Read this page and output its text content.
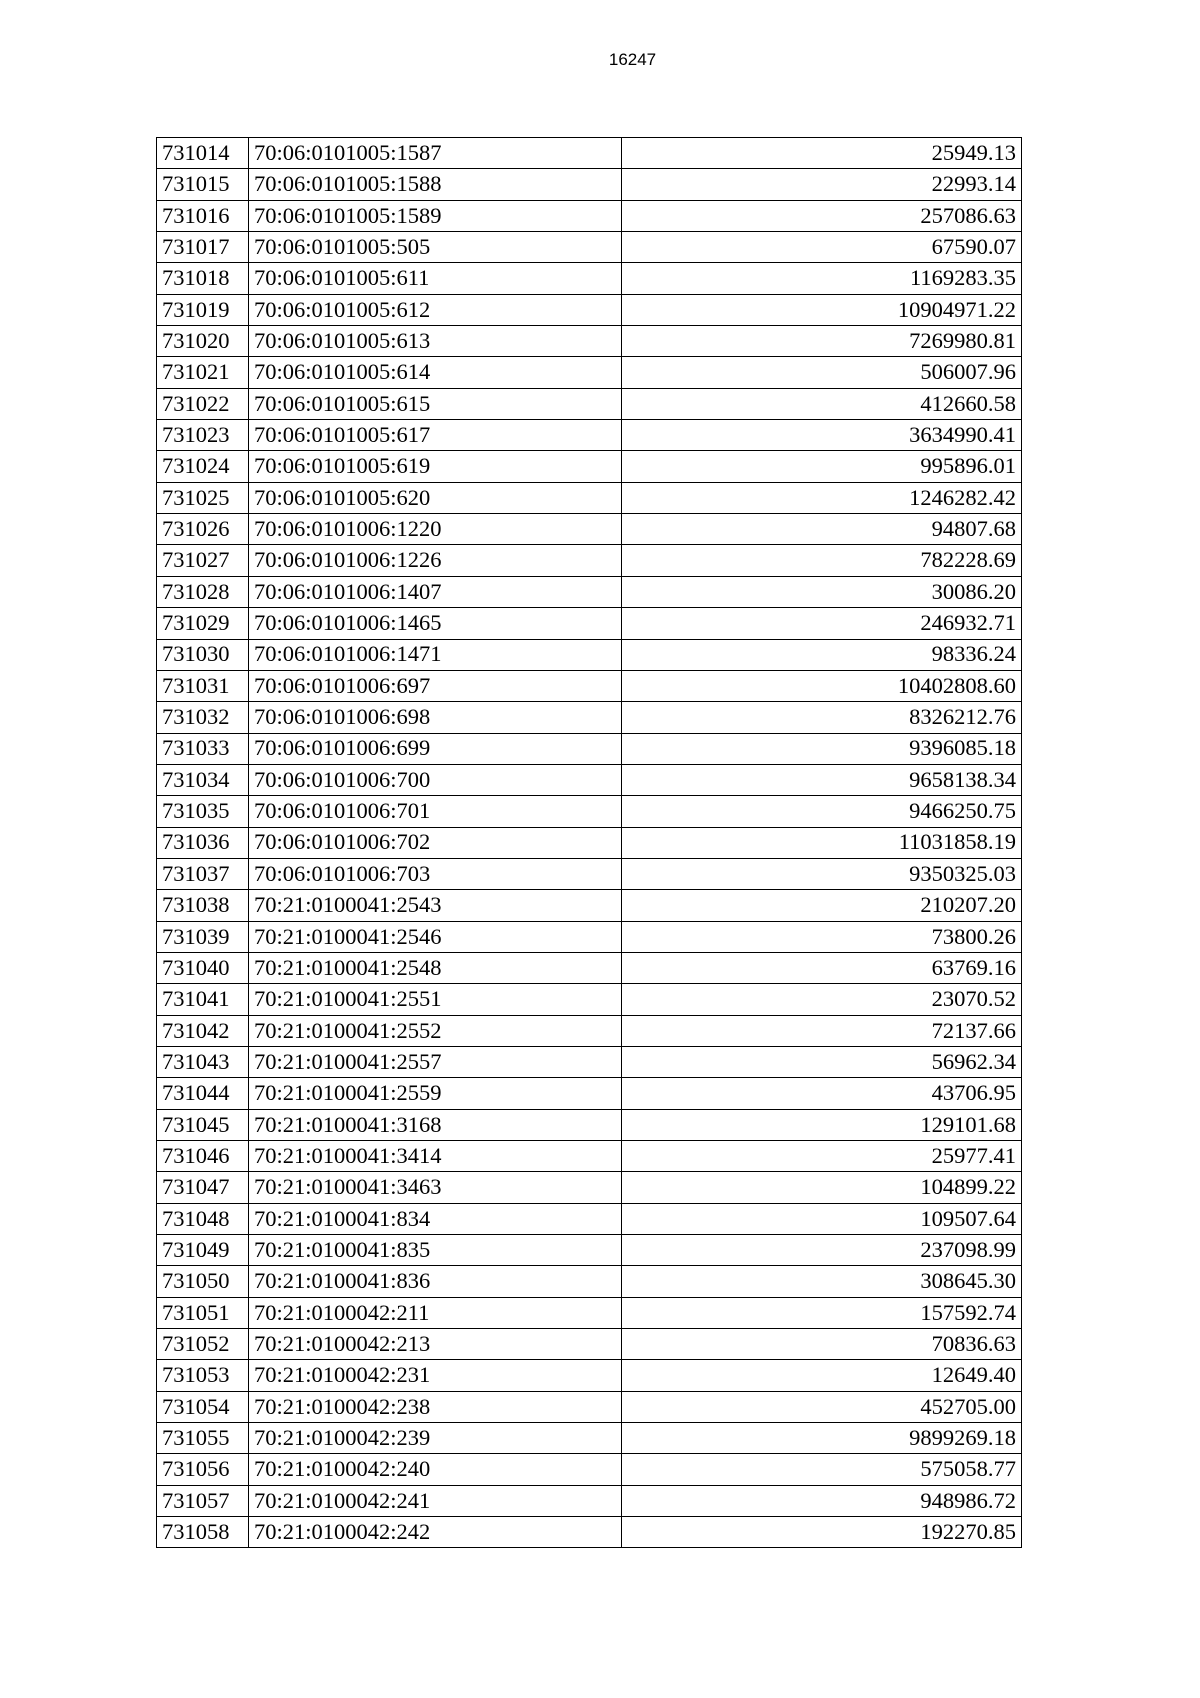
16247
731014	70:06:0101005:1587	25949.13
731015	70:06:0101005:1588	22993.14
731016	70:06:0101005:1589	257086.63
731017	70:06:0101005:505	67590.07
731018	70:06:0101005:611	1169283.35
731019	70:06:0101005:612	10904971.22
731020	70:06:0101005:613	7269980.81
731021	70:06:0101005:614	506007.96
731022	70:06:0101005:615	412660.58
731023	70:06:0101005:617	3634990.41
731024	70:06:0101005:619	995896.01
731025	70:06:0101005:620	1246282.42
731026	70:06:0101006:1220	94807.68
731027	70:06:0101006:1226	782228.69
731028	70:06:0101006:1407	30086.20
731029	70:06:0101006:1465	246932.71
731030	70:06:0101006:1471	98336.24
731031	70:06:0101006:697	10402808.60
731032	70:06:0101006:698	8326212.76
731033	70:06:0101006:699	9396085.18
731034	70:06:0101006:700	9658138.34
731035	70:06:0101006:701	9466250.75
731036	70:06:0101006:702	11031858.19
731037	70:06:0101006:703	9350325.03
731038	70:21:0100041:2543	210207.20
731039	70:21:0100041:2546	73800.26
731040	70:21:0100041:2548	63769.16
731041	70:21:0100041:2551	23070.52
731042	70:21:0100041:2552	72137.66
731043	70:21:0100041:2557	56962.34
731044	70:21:0100041:2559	43706.95
731045	70:21:0100041:3168	129101.68
731046	70:21:0100041:3414	25977.41
731047	70:21:0100041:3463	104899.22
731048	70:21:0100041:834	109507.64
731049	70:21:0100041:835	237098.99
731050	70:21:0100041:836	308645.30
731051	70:21:0100042:211	157592.74
731052	70:21:0100042:213	70836.63
731053	70:21:0100042:231	12649.40
731054	70:21:0100042:238	452705.00
731055	70:21:0100042:239	9899269.18
731056	70:21:0100042:240	575058.77
731057	70:21:0100042:241	948986.72
731058	70:21:0100042:242	192270.85
